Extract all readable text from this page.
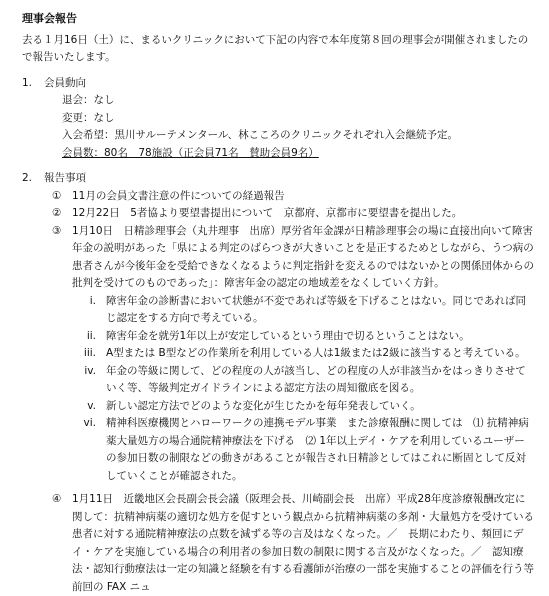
理事会報告
去る１月16日（土）に、まるいクリニックにおいて下記の内容で本年度第８回の理事会が開催されましたので報告いたします。
1.	会員動向
退会：なし
変更：なし
入会希望：黒川サルーテメンタール、林こころのクリニックそれぞれ入会継続予定。
会員数：80名　78施設（正会員71名　賛助会員9名）
2.	報告事項
①	11月の会員文書注意の件についての経過報告
②	12月22日　5者協より要望書提出について　京都府、京都市に要望書を提出した。
③	1月10日　日精診理事会（丸井理事　出席）厚労省年金課が日精診理事会の場に直接出向いて障害年金の説明があった「県による判定のばらつきが大きいことを是正するためとしながら、うつ病の患者さんが今後年金を受給できなくなるように判定指針を変えるのではないかとの関係団体からの批判を受けてのものであった」：障害年金の認定の地域差をなくしていく方針。
i. 障害年金の診断書において状態が不変であれば等級を下げることはない。同じであれば同じ認定をする方向で考えている。
ii. 障害年金を就労1年以上が安定しているという理由で切るということはない。
iii. A型または B型などの作業所を利用している人は1級または2級に該当すると考えている。
iv. 年金の等級に関して、どの程度の人が該当し、どの程度の人が非該当かをはっきりさせていく等、等級判定ガイドラインによる認定方法の周知徹底を図る。
v. 新しい認定方法でどのような変化が生じたかを毎年発表していく。
vi. 精神科医療機関とハローワークの連携モデル事業　また診療報酬に関しては　⑴ 抗精神病薬大量処方の場合通院精神療法を下げる　⑵ 1年以上デイ・ケアを利用しているユーザーの参加日数の制限などの動きがあることが報告され日精診としてはこれに断固として反対していくことが確認された。
④	1月11日　近畿地区会長副会長会議（阪理会長、川崎副会長　出席）平成28年度診療報酬改定に関して：抗精神病薬の適切な処方を促すという観点から抗精神病薬の多剤・大量処方を受けている患者に対する通院精神療法の点数を減ずる等の言及はなくなった。／　長期にわたり、頻回にデイ・ケアを実施している場合の利用者の参加日数の制限に関する言及がなくなった。／　認知療法・認知行動療法は一定の知識と経験を有する看護師が治療の一部を実施することの評価を行う等前回の FAX ニュ
